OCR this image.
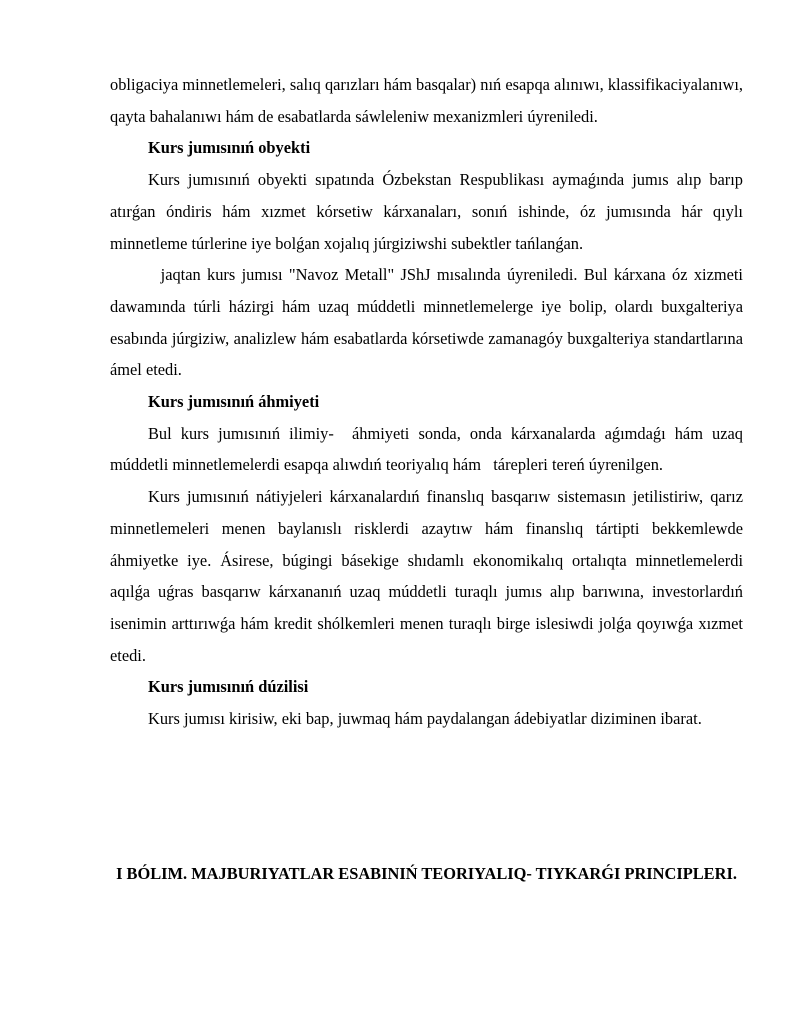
obligaciya minnetlemeleri, salıq qarızları hám basqalar) nıń esapqa alınıwı, klassifikaciyalanıwı, qayta bahalanıwı hám de esabatlarda sáwleleniw mexanizmleri úyreniledi.

Kurs jumısınıń obyekti

Kurs jumısınıń obyekti sıpatında Ózbekstan Respublikası aymaǵında jumıs alıp barıp atırǵan óndiris hám xızmet kórsetiw kárxanaları, sonıń ishinde, óz jumısında hár qıylı minnetleme túrlerine iye bolǵan xojalıq júrgiziwshi subektler tańlanǵan.

jaqtan kurs jumısı "Navoz Metall" JShJ mısalında úyreniledi. Bul kárxana óz xizmeti dawamında túrli házirgi hám uzaq múddetli minnetlemelerge iye bolip, olardı buxgalteriya esabında júrgiziw, analizlew hám esabatlarda kórsetiwde zamanagóy buxgalteriya standartlarına ámel etedi.

Kurs jumısınıń áhmiyeti

Bul kurs jumısınıń ilimiy-  áhmiyeti sonda, onda kárxanalarda aǵımdaǵı hám uzaq múddetli minnetlemelerdi esapqa alıwdıń teoriyalıq hám   tárepleri tereń úyrenilgen.

Kurs jumısınıń nátiyjeleri kárxanalardıń finanslıq basqarıw sistemasın jetilistiriw, qarız minnetlemeleri menen baylanıslı risklerdi azaytıw hám finanslıq tártipti bekkemlewde   áhmiyetke iye. Ásirese, búgingi básekige shıdamlı ekonomikalıq ortalıqta minnetlemelerdi aqılǵa uǵras basqarıw kárxananıń uzaq múddetli turaqlı jumıs alıp barıwına, investorlardıń isenimin arttırıwǵa hám kredit shólkemleri menen turaqlı birge islesiwdi jolǵa qoyıwǵa xızmet etedi.

Kurs jumısınıń dúzilisi

Kurs jumısı kirisiw, eki bap, juwmaq hám paydalangan ádebiyatlar diziminen ibarat.

I BÓLIM. MAJBURIYATLAR ESABINIŃ TEORIYALIQ- TIYKARǴI PRINCIPLERI.
